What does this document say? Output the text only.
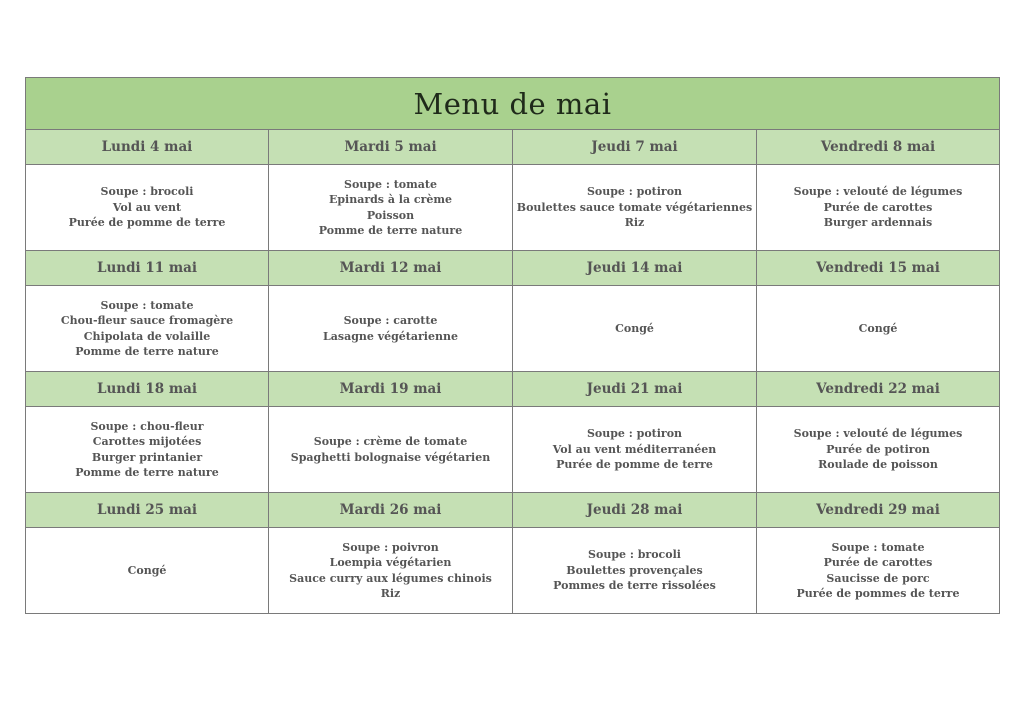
Menu de mai			
Lundi 4 mai	Mardi 5 mai	Jeudi 7 mai	Vendredi 8 mai

Soupe : brocoli
Vol au vent
Purée de pomme de terre	Soupe : tomate
Epinards à la crème
Poisson
Pomme de terre nature	Soupe : potiron
Boulettes sauce tomate végétariennes
Riz	Soupe : velouté de légumes
Purée de carottes
Burger ardennais

Lundi 11 mai	Mardi 12 mai	Jeudi 14 mai	Vendredi 15 mai

Soupe : tomate
Chou-fleur sauce fromagère
Chipolata de volaille
Pomme de terre nature	Soupe : carotte
Lasagne végétarienne	Congé	Congé

Lundi 18 mai	Mardi 19 mai	Jeudi 21 mai	Vendredi 22 mai

Soupe : chou-fleur
Carottes mijotées
Burger printanier
Pomme de terre nature	Soupe : crème de tomate
Spaghetti bolognaise végétarien	Soupe : potiron
Vol au vent méditerranéen
Purée de pomme de terre	Soupe : velouté de légumes
Purée de potiron
Roulade de poisson

Lundi 25 mai	Mardi 26 mai	Jeudi 28 mai	Vendredi 29 mai

Congé	Soupe : poivron
Loempia végétarien
Sauce curry aux légumes chinois
Riz	Soupe : brocoli
Boulettes provençales
Pommes de terre rissolées	Soupe : tomate
Purée de carottes
Saucisse de porc
Purée de pommes de terre
